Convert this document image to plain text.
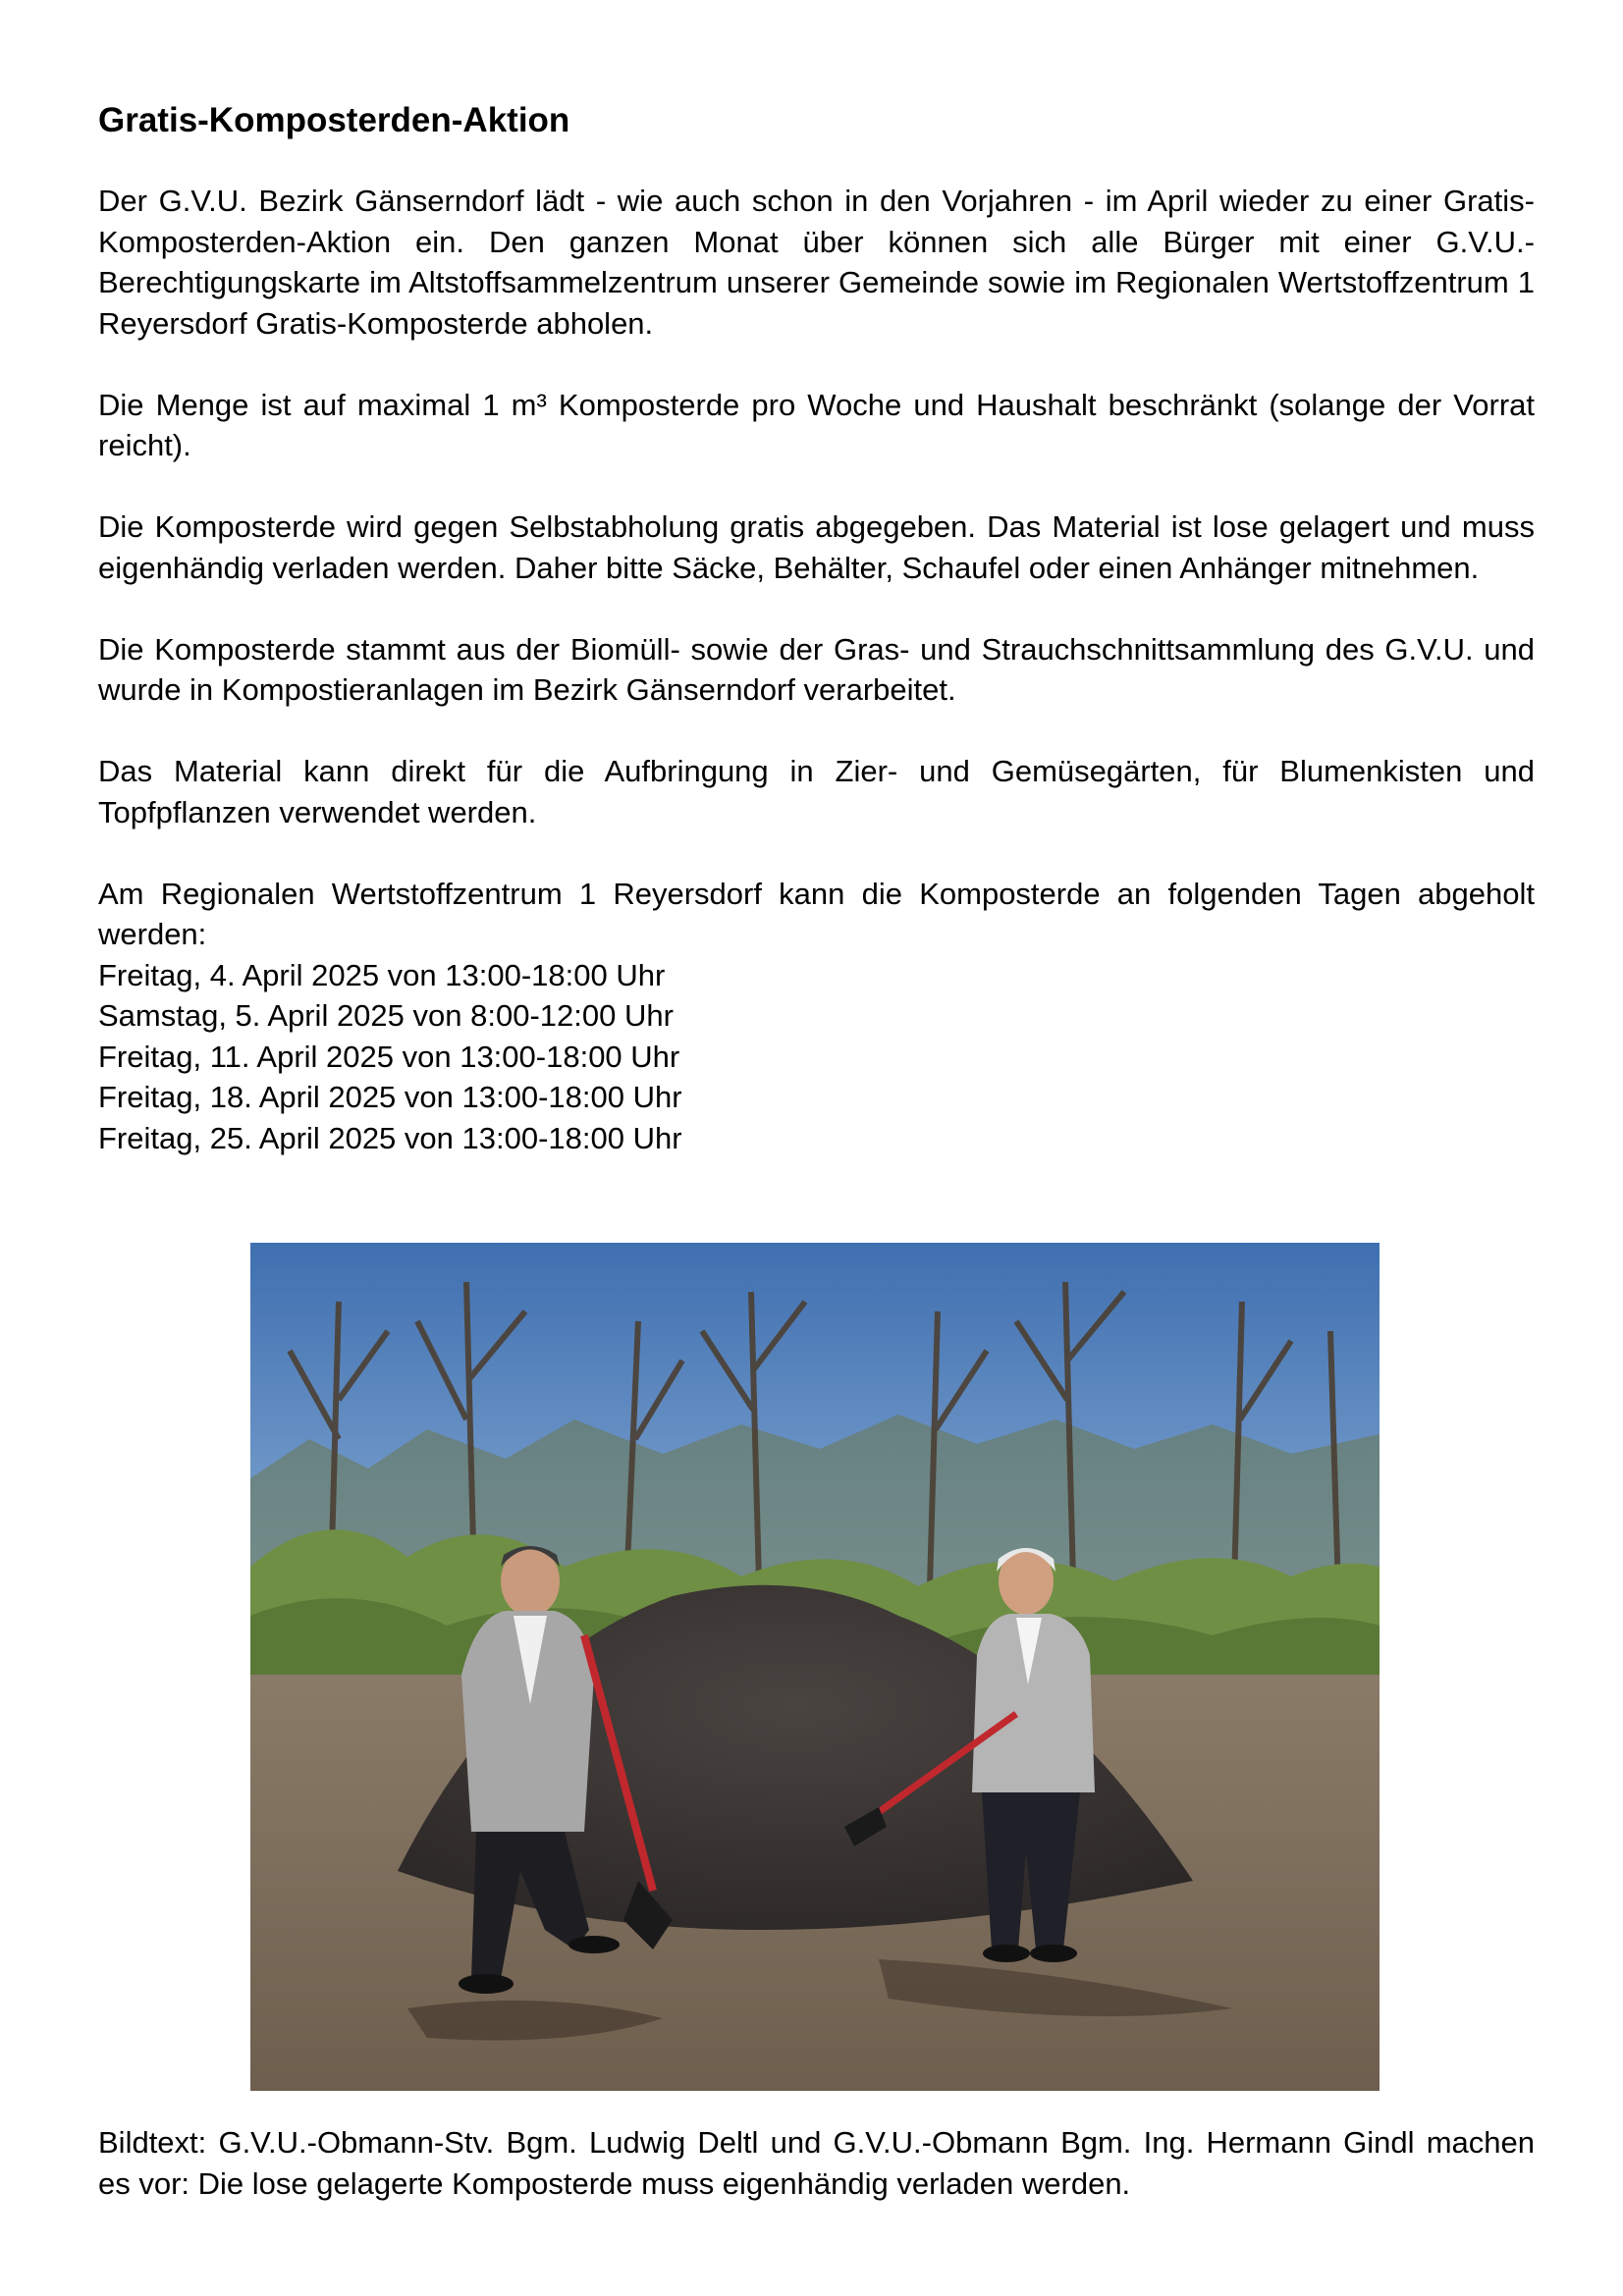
Gratis-Komposterden-Aktion

Der G.V.U. Bezirk Gänserndorf lädt - wie auch schon in den Vorjahren - im April wieder zu einer Gratis-Komposterden-Aktion ein. Den ganzen Monat über können sich alle Bürger mit einer G.V.U.-Berechtigungskarte im Altstoffsammelzentrum unserer Gemeinde sowie im Regionalen Wertstoffzentrum 1 Reyersdorf Gratis-Komposterde abholen.

Die Menge ist auf maximal 1 m³ Komposterde pro Woche und Haushalt beschränkt (solange der Vorrat reicht).

Die Komposterde wird gegen Selbstabholung gratis abgegeben. Das Material ist lose gelagert und muss eigenhändig verladen werden. Daher bitte Säcke, Behälter, Schaufel oder einen Anhänger mitnehmen.

Die Komposterde stammt aus der Biomüll- sowie der Gras- und Strauchschnittsammlung des G.V.U. und wurde in Kompostieranlagen im Bezirk Gänserndorf verarbeitet.

Das Material kann direkt für die Aufbringung in Zier- und Gemüsegärten, für Blumenkisten und Topfpflanzen verwendet werden.

Am Regionalen Wertstoffzentrum 1 Reyersdorf kann die Komposterde an folgenden Tagen abgeholt werden:

Freitag, 4. April 2025 von 13:00-18:00 Uhr
Samstag, 5. April 2025 von 8:00-12:00 Uhr
Freitag, 11. April 2025 von 13:00-18:00 Uhr
Freitag, 18. April 2025 von 13:00-18:00 Uhr
Freitag, 25. April 2025 von 13:00-18:00 Uhr

Bildtext: G.V.U.-Obmann-Stv. Bgm. Ludwig Deltl und G.V.U.-Obmann Bgm. Ing. Hermann Gindl machen es vor: Die lose gelagerte Komposterde muss eigenhändig verladen werden.
